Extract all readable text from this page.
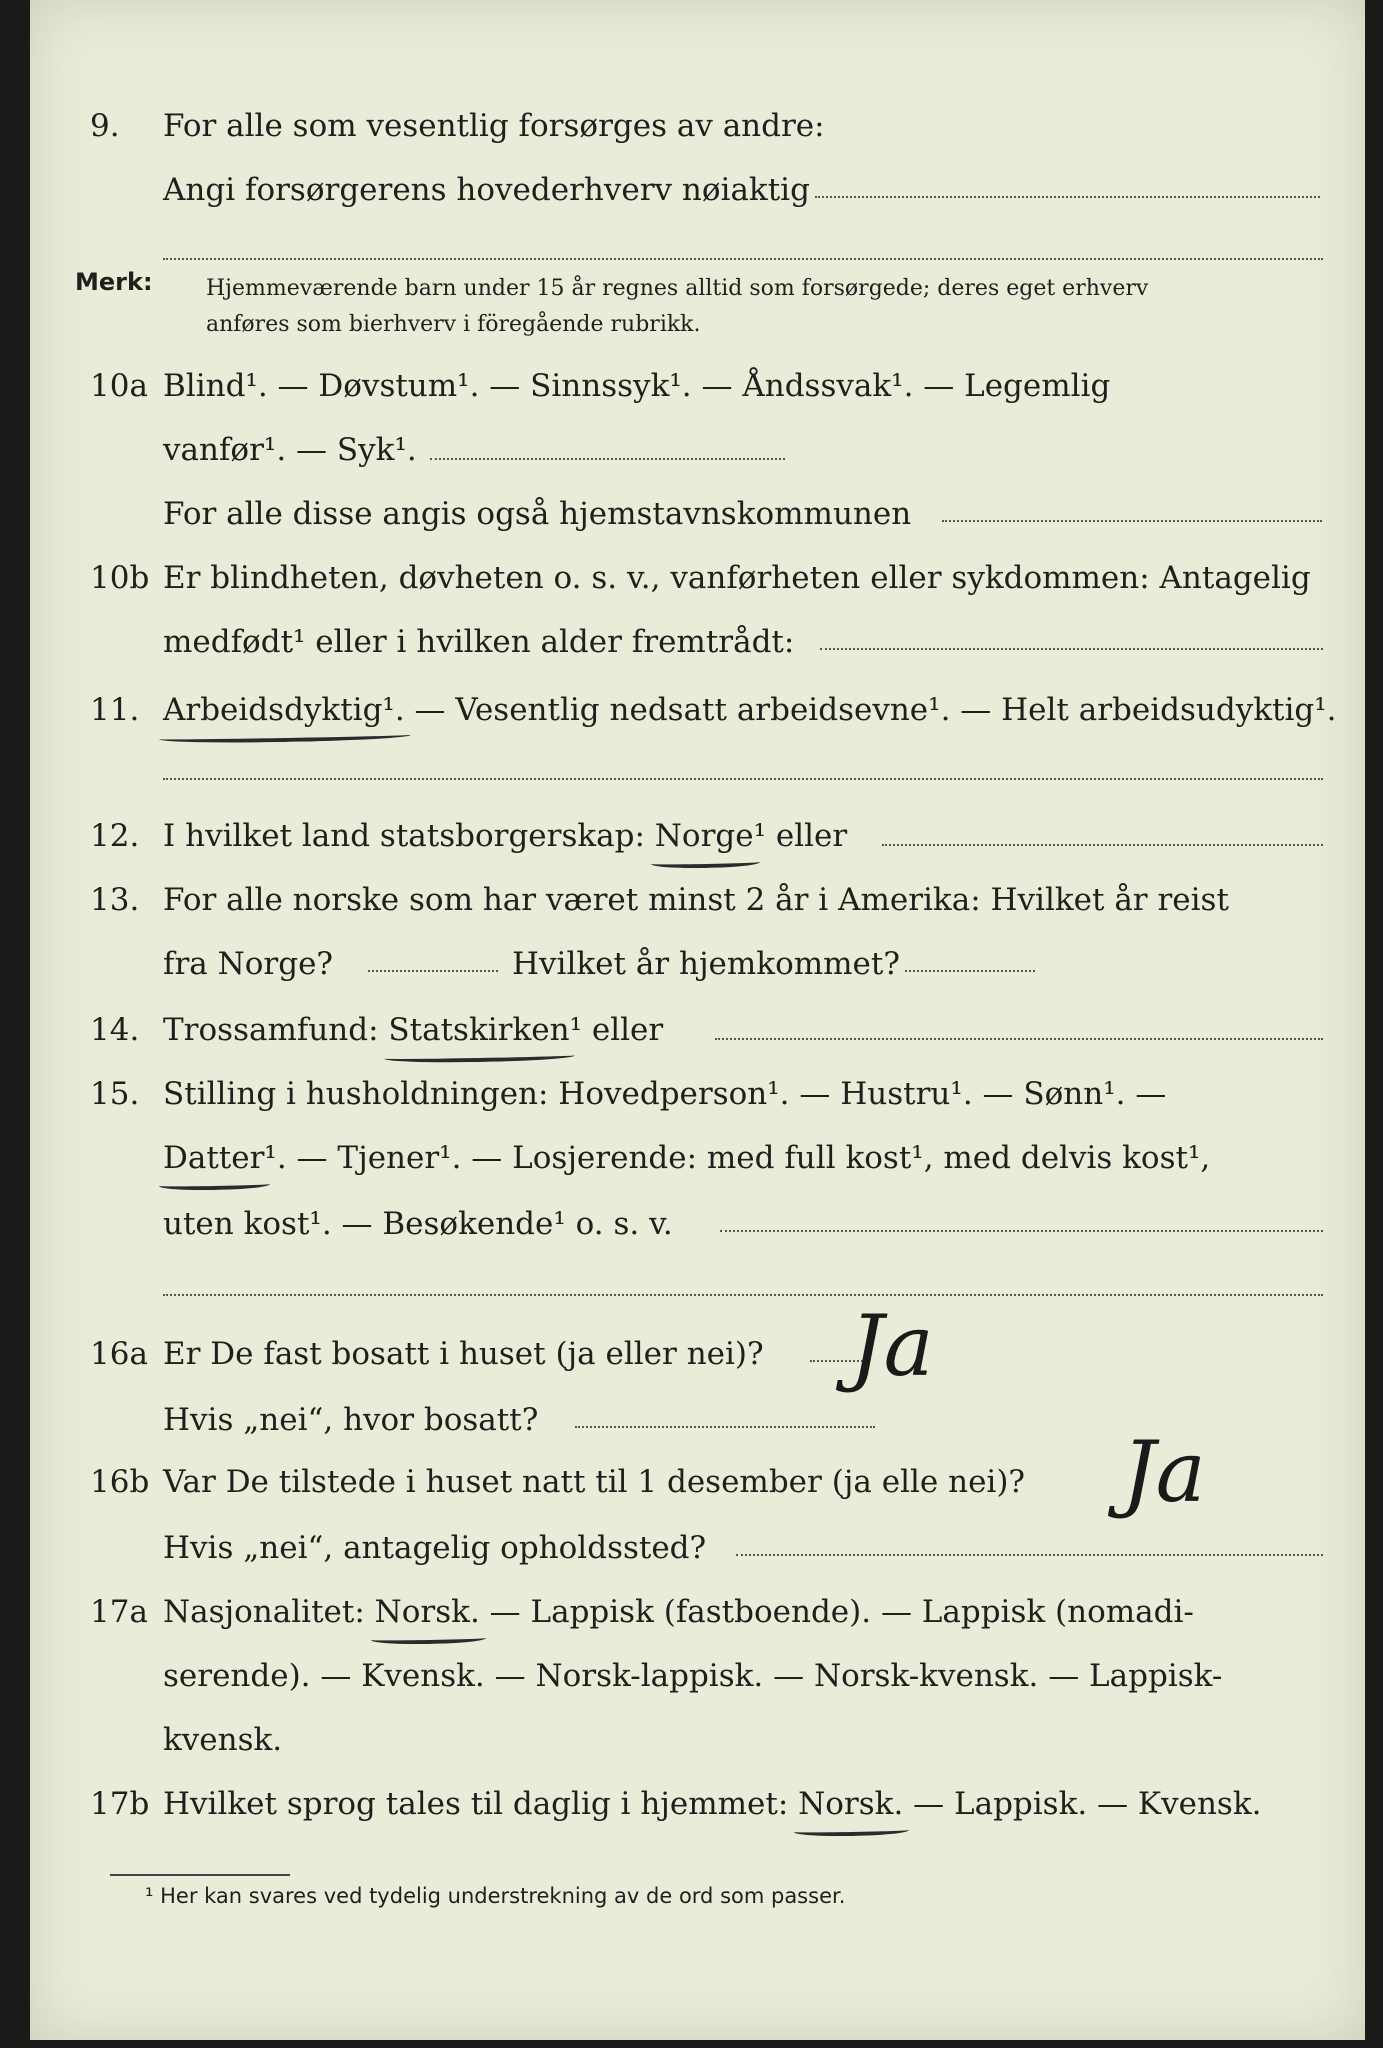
9.	For alle som vesentlig forsørges av andre:
Angi forsørgerens hovederhverv nøiaktig
Merk: Hjemmeværende barn under 15 år regnes alltid som forsørgede; deres eget erhverv
anføres som bierhverv i föregående rubrikk.
10a Blind¹. — Døvstum¹. — Sinnssyk¹. — Åndssvak¹. — Legemlig
vanfør¹. — Syk¹.
For alle disse angis også hjemstavnskommunen
10b Er blindheten, døvheten o. s. v., vanførheten eller sykdommen: Antagelig
medfødt¹ eller i hvilken alder fremtrådt:
11. Arbeidsdyktig¹.
— Vesentlig nedsatt arbeidsevne¹. — Helt arbeidsudyktig¹.
12. I hvilket land statsborgerskap: Norge
¹ eller
13. For alle norske som har været minst 2 år i Amerika: Hvilket år reist
fra Norge?	Hvilket år hjemkommet?
14. Trossamfund: Statskirken
¹ eller
15. Stilling i husholdningen: Hovedperson¹. — Hustru¹. — Sønn¹. —
Datter
¹. — Tjener¹. — Losjerende: med full kost¹, med delvis kost¹,
uten kost¹. — Besøkende¹ o. s. v.
16a Er De fast bosatt i huset (ja eller nei)? Ja
Hvis „nei“, hvor bosatt?
16b Var De tilstede i huset natt til 1 desember (ja elle nei)? Ja
Hvis „nei“, antagelig opholdssted?
17a Nasjonalitet: Norsk.
— Lappisk (fastboende). — Lappisk (nomadi-
serende). — Kvensk. — Norsk-lappisk. — Norsk-kvensk. — Lappisk-
kvensk.
17b Hvilket sprog tales til daglig i hjemmet: Norsk.
— Lappisk. — Kvensk.
¹ Her kan svares ved tydelig understrekning av de ord som passer.
